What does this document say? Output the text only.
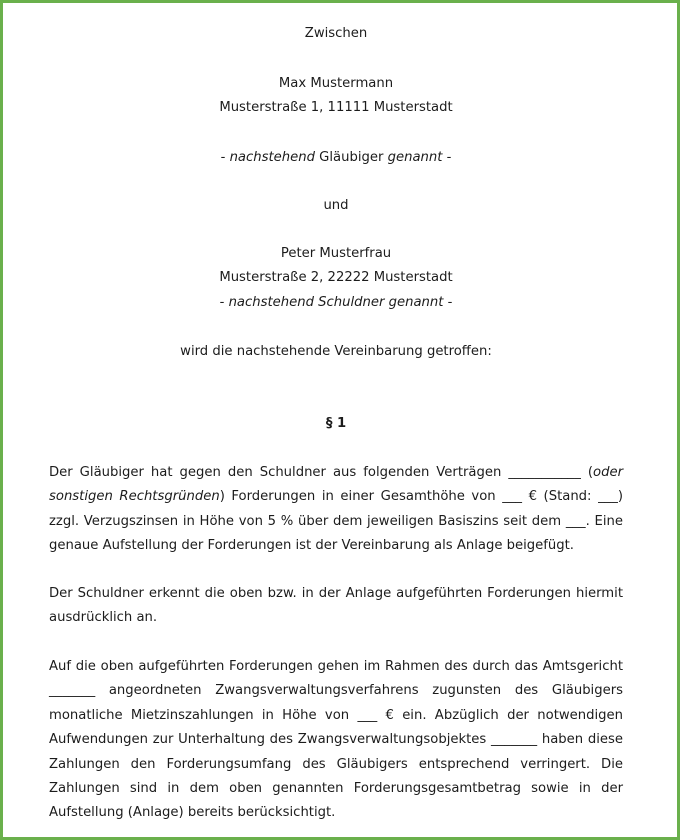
Zwischen
Max Mustermann
Musterstraße 1, 11111 Musterstadt
- nachstehend Gläubiger genannt -
und
Peter Musterfrau
Musterstraße 2, 22222 Musterstadt
- nachstehend Schuldner genannt -
wird die nachstehende Vereinbarung getroffen:
§ 1

Der Gläubiger hat gegen den Schuldner aus folgenden Verträgen ___________ (oder sonstigen Rechtsgründen) Forderungen in einer Gesamthöhe von ___ € (Stand: ___) zzgl. Verzugszinsen in Höhe von 5 % über dem jeweiligen Basiszins seit dem ___. Eine genaue Aufstellung der Forderungen ist der Vereinbarung als Anlage beigefügt.

Der Schuldner erkennt die oben bzw. in der Anlage aufgeführten Forderungen hiermit ausdrücklich an.

Auf die oben aufgeführten Forderungen gehen im Rahmen des durch das Amtsgericht _______ angeordneten Zwangsverwaltungsverfahrens zugunsten des Gläubigers monatliche Mietzinszahlungen in Höhe von ___ € ein. Abzüglich der notwendigen Aufwendungen zur Unterhaltung des Zwangsverwaltungsobjektes _______ haben diese Zahlungen den Forderungsumfang des Gläubigers entsprechend verringert. Die Zahlungen sind in dem oben genannten Forderungsgesamtbetrag sowie in der Aufstellung (Anlage) bereits berücksichtigt.
